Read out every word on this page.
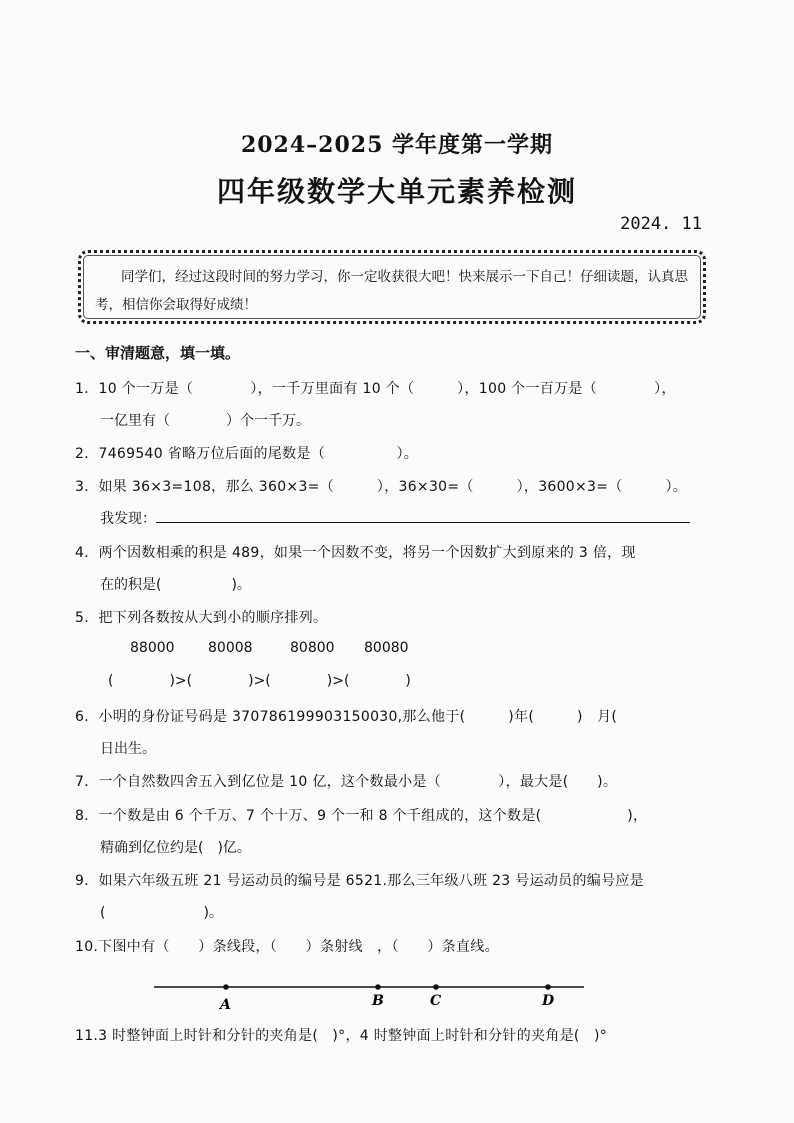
2024–2025 学年度第一学期
四年级数学大单元素养检测
2024. 11
同学们，经过这段时间的努力学习，你一定收获很大吧！快来展示一下自己！仔细读题，认真思考，相信你会取得好成绩！
一、审清题意，填一填。
1．10 个一万是（　　　　），一千万里面有 10 个（　　　），100 个一百万是（　　　　），
一亿里有（　　　　）个一千万。
2．7469540 省略万位后面的尾数是（　　　　　）。
3．如果 36×3=108，那么 360×3=（　　　），36×30=（　　　），3600×3=（　　　）。
我发现：
4．两个因数相乘的积是 489，如果一个因数不变，将另一个因数扩大到原来的 3 倍，现
在的积是(　　　　　)。
5．把下列各数按从大到小的顺序排列。
88000 80008	80800 80080
(　　　　)>(　　　　)>(　　　　)>(　　　　)
6．小明的身份证号码是 370786199903150030,那么他于(　　　)年(　　　)　月(
日出生。
7．一个自然数四舍五入到亿位是 10 亿，这个数最小是（　　　　），最大是(　　)。
8．一个数是由 6 个千万、7 个十万、9 个一和 8 个千组成的，这个数是(　　　　　　)，
精确到亿位约是(　)亿。
9．如果六年级五班 21 号运动员的编号是 6521.那么三年级八班 23 号运动员的编号应是
(　　　　　　　)。
10.下图中有（　　）条线段，（　　）条射线　，（　　）条直线。
A	B	C	D
11.3 时整钟面上时针和分针的夹角是(　)°，4 时整钟面上时针和分针的夹角是(　)°
